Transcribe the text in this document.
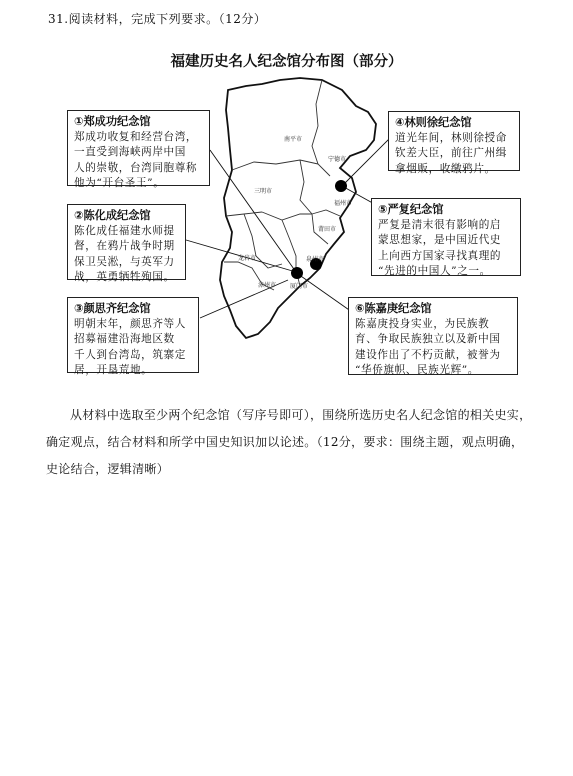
31.阅读材料，完成下列要求。（12分）
福建历史名人纪念馆分布图（部分）
南平市
宁德市
三明市
福州市
莆田市
龙岩市	泉州市
漳州市 厦门市
①郑成功纪念馆
郑成功收复和经营台湾，
一直受到海峡两岸中国
人的崇敬，台湾同胞尊称
他为“开台圣王”。
②陈化成纪念馆
陈化成任福建水师提
督，在鸦片战争时期
保卫吴淞，与英军力
战，英勇牺牲殉国。
③颜思齐纪念馆
明朝末年，颜思齐等人
招募福建沿海地区数
千人到台湾岛，筑寨定
居，开垦荒地。
④林则徐纪念馆
道光年间，林则徐授命
钦差大臣，前往广州缉
拿烟贩，收缴鸦片。
⑤严复纪念馆
严复是清末很有影响的启
蒙思想家，是中国近代史
上向西方国家寻找真理的
“先进的中国人”之一。
⑥陈嘉庚纪念馆
陈嘉庚投身实业，为民族教
育、争取民族独立以及新中国
建设作出了不朽贡献，被誉为
“华侨旗帜、民族光辉”。
从材料中选取至少两个纪念馆（写序号即可），围绕所选历史名人纪念馆的相关史实，确定观点，结合材料和所学中国史知识加以论述。（12分，要求：围绕主题，观点明确，史论结合，逻辑清晰）
